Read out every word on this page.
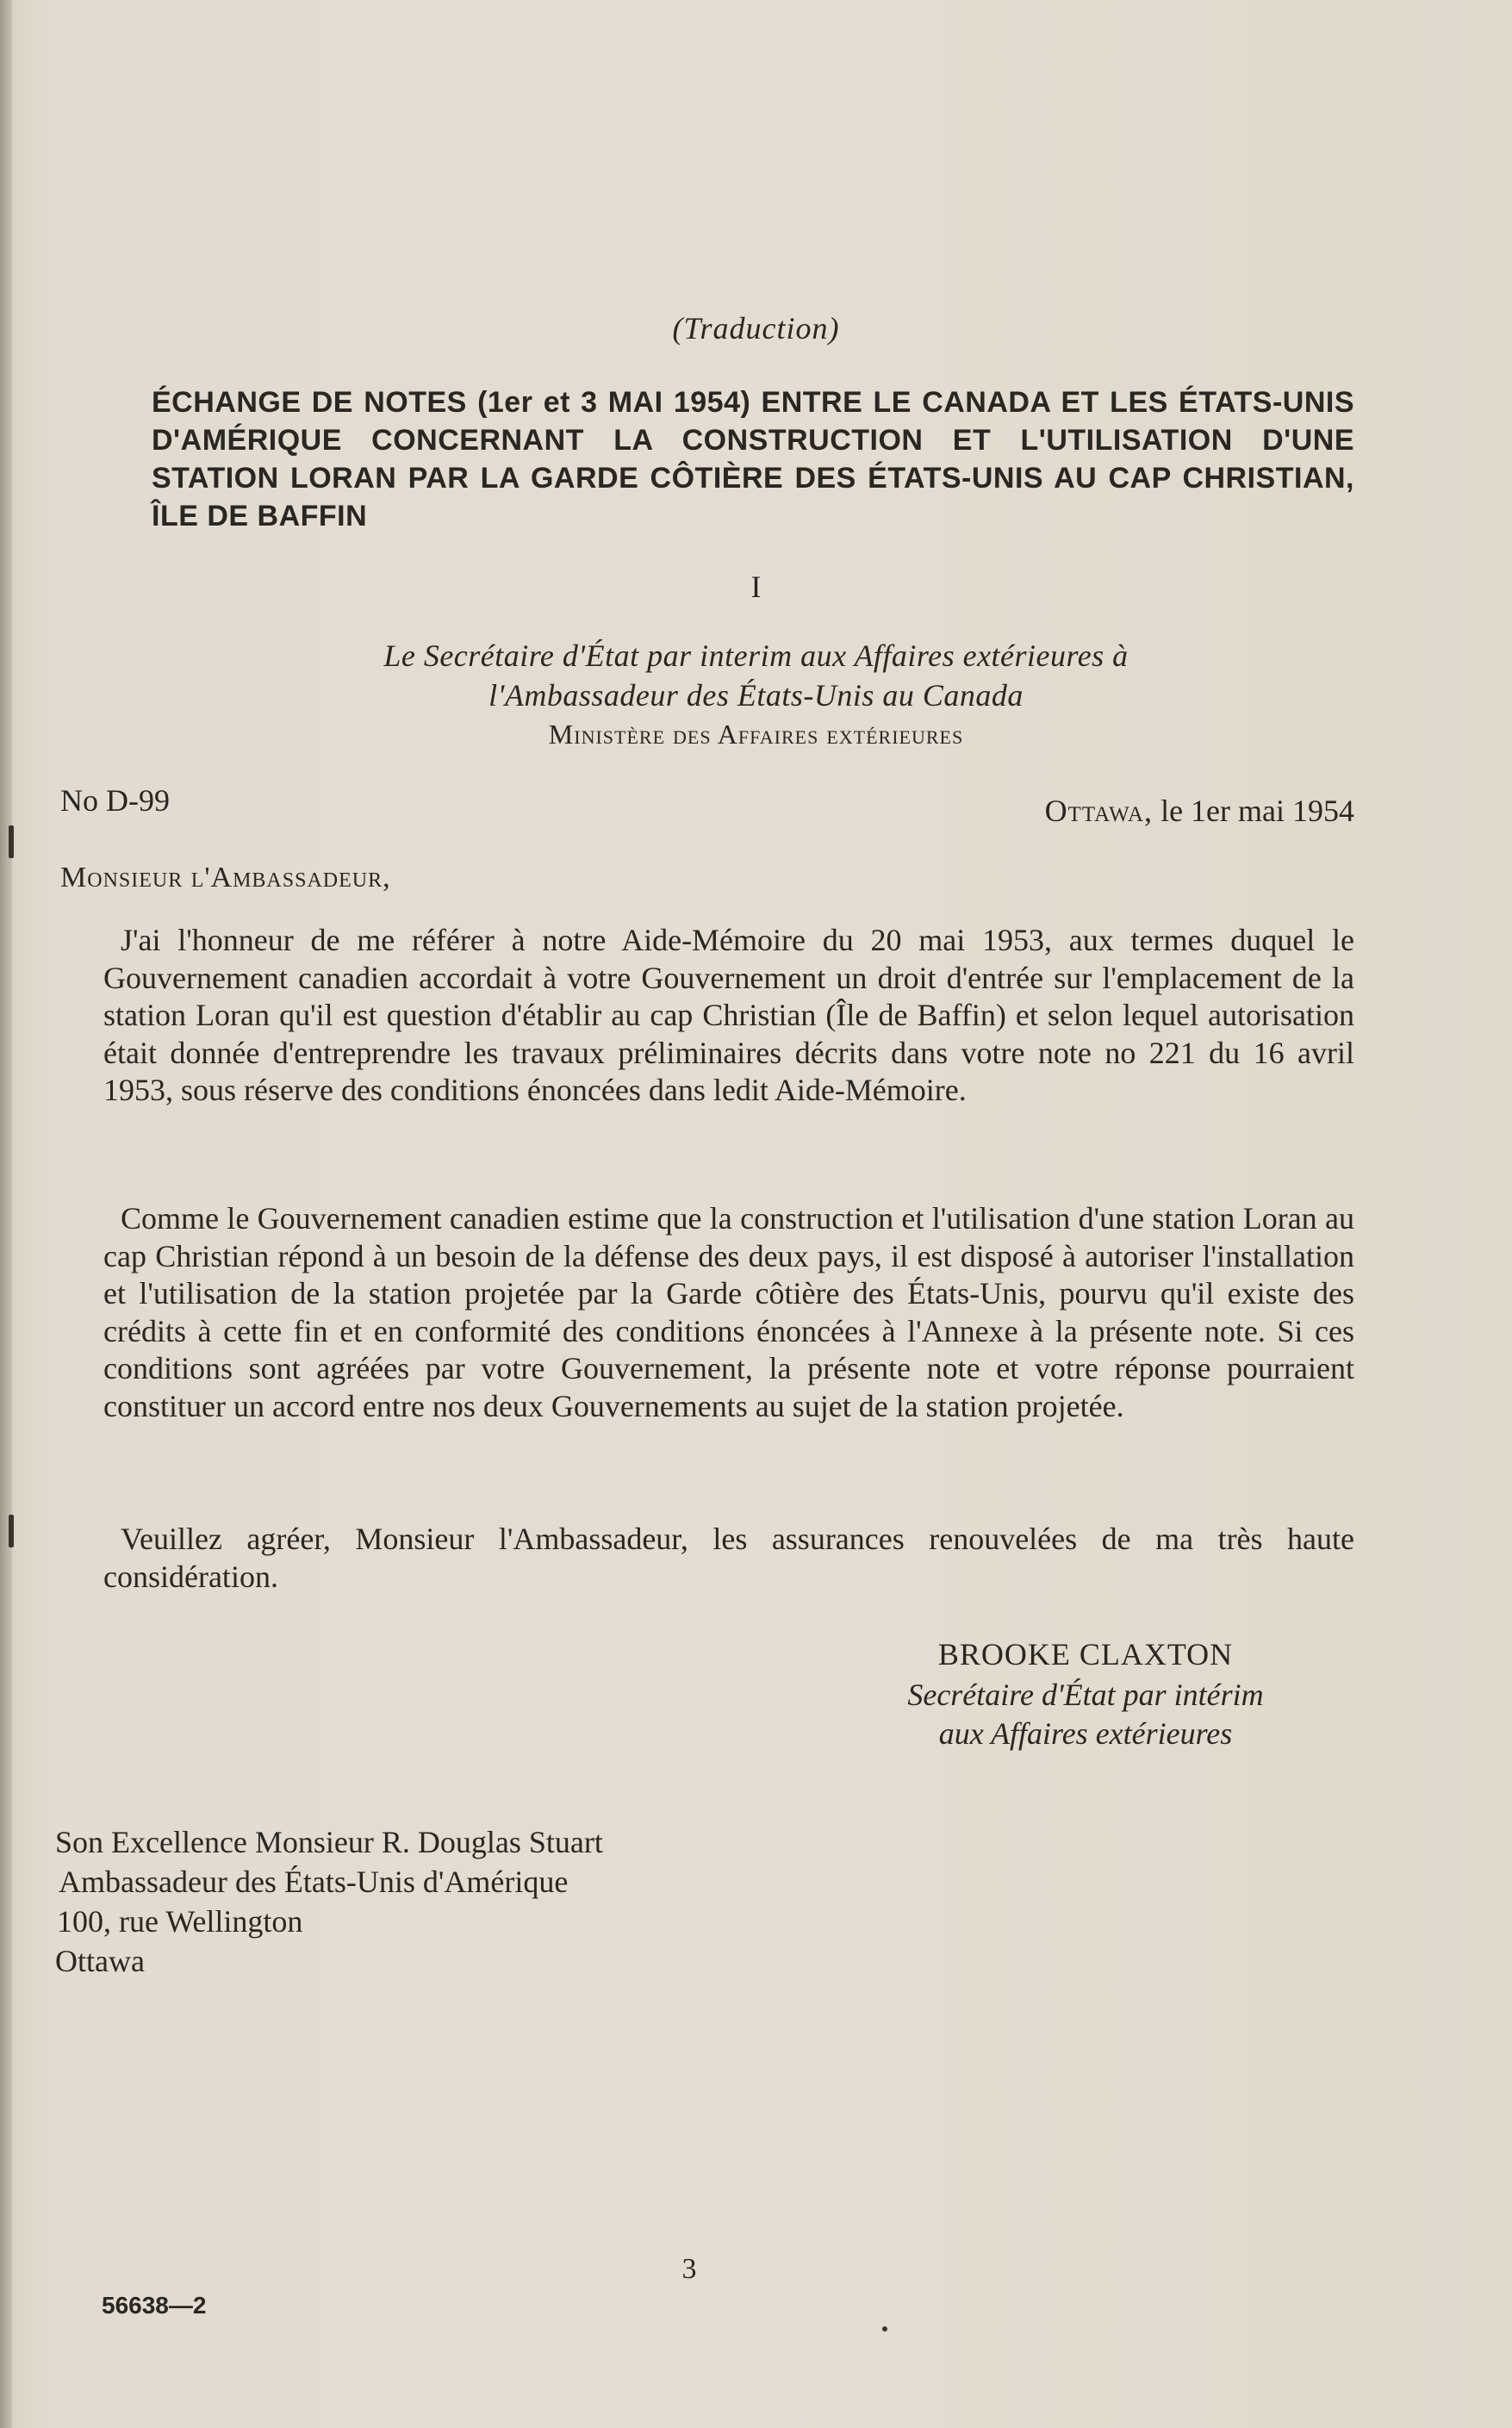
(Traduction)
ÉCHANGE DE NOTES (1er et 3 MAI 1954) ENTRE LE CANADA ET LES ÉTATS-UNIS D'AMÉRIQUE CONCERNANT LA CONSTRUCTION ET L'UTILISATION D'UNE STATION LORAN PAR LA GARDE CÔTIÈRE DES ÉTATS-UNIS AU CAP CHRISTIAN, ÎLE DE BAFFIN
I
Le Secrétaire d'État par interim aux Affaires extérieures à
l'Ambassadeur des États-Unis au Canada
Ministère des Affaires extérieures
No D-99	Ottawa, le 1er mai 1954
Monsieur l'Ambassadeur,

J'ai l'honneur de me référer à notre Aide-Mémoire du 20 mai 1953, aux termes duquel le Gouvernement canadien accordait à votre Gouvernement un droit d'entrée sur l'emplacement de la station Loran qu'il est question d'établir au cap Christian (Île de Baffin) et selon lequel autorisation était donnée d'entreprendre les travaux préliminaires décrits dans votre note no 221 du 16 avril 1953, sous réserve des conditions énoncées dans ledit Aide-Mémoire.

Comme le Gouvernement canadien estime que la construction et l'utilisation d'une station Loran au cap Christian répond à un besoin de la défense des deux pays, il est disposé à autoriser l'installation et l'utilisation de la station projetée par la Garde côtière des États-Unis, pourvu qu'il existe des crédits à cette fin et en conformité des conditions énoncées à l'Annexe à la présente note. Si ces conditions sont agréées par votre Gouvernement, la présente note et votre réponse pourraient constituer un accord entre nos deux Gouvernements au sujet de la station projetée.

Veuillez agréer, Monsieur l'Ambassadeur, les assurances renouvelées de ma très haute considération.

BROOKE CLAXTON
Secrétaire d'État par intérim
aux Affaires extérieures
Son Excellence Monsieur R. Douglas Stuart
Ambassadeur des États-Unis d'Amérique
100, rue Wellington
Ottawa
3
56638—2
